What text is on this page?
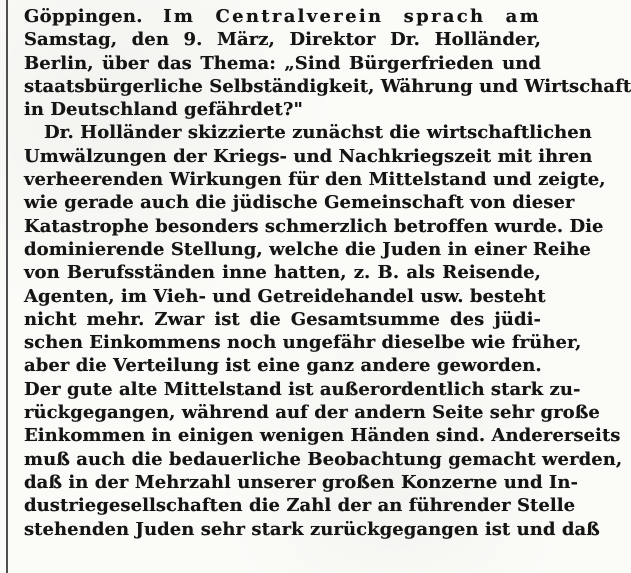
Göppingen. Im Centralverein sprach am
Samstag, den 9. März, Direktor Dr. Holländer,
Berlin, über das Thema: „Sind Bürgerfrieden und
staatsbürgerliche Selbständigkeit, Währung und Wirtschaft
in Deutschland gefährdet?"
Dr. Holländer skizzierte zunächst die wirtschaftlichen
Umwälzungen der Kriegs- und Nachkriegszeit mit ihren
verheerenden Wirkungen für den Mittelstand und zeigte,
wie gerade auch die jüdische Gemeinschaft von dieser
Katastrophe besonders schmerzlich betroffen wurde. Die
dominierende Stellung, welche die Juden in einer Reihe
von Berufsständen inne hatten, z. B. als Reisende,
Agenten, im Vieh- und Getreidehandel usw. besteht
nicht mehr. Zwar ist die Gesamtsumme des jüdi-
schen Einkommens noch ungefähr dieselbe wie früher,
aber die Verteilung ist eine ganz andere geworden.
Der gute alte Mittelstand ist außerordentlich stark zu-
rückgegangen, während auf der andern Seite sehr große
Einkommen in einigen wenigen Händen sind. Andererseits
muß auch die bedauerliche Beobachtung gemacht werden,
daß in der Mehrzahl unserer großen Konzerne und In-
dustriegesellschaften die Zahl der an führender Stelle
stehenden Juden sehr stark zurückgegangen ist und daß
